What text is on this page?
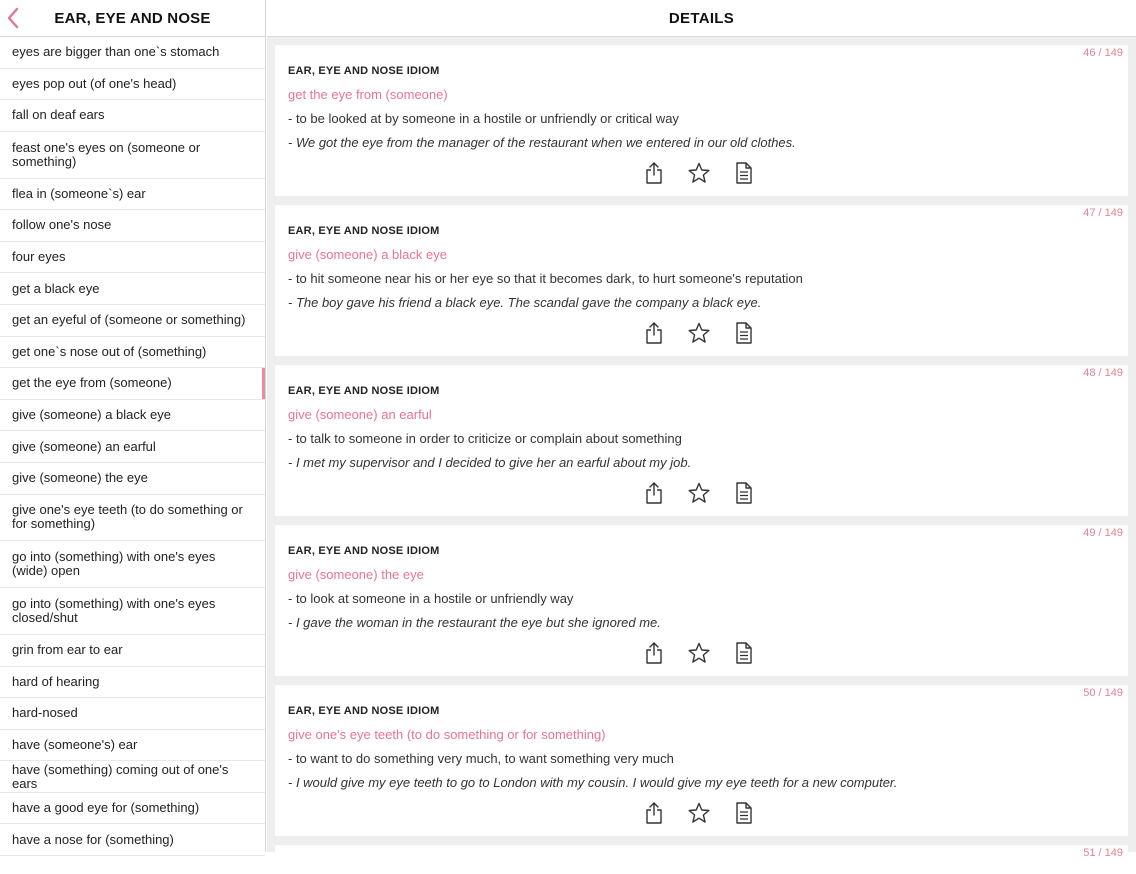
EAR, EYE AND NOSE
eyes are bigger than one`s stomach
eyes pop out (of one's head)
fall on deaf ears
feast one's eyes on (someone or something)
flea in (someone`s) ear
follow one's nose
four eyes
get a black eye
get an eyeful of (someone or something)
get one`s nose out of (something)
get the eye from (someone)
give (someone) a black eye
give (someone) an earful
give (someone) the eye
give one's eye teeth (to do something or for something)
go into (something) with one's eyes (wide) open
go into (something) with one's eyes closed/shut
grin from ear to ear
hard of hearing
hard-nosed
have (someone's) ear
have (something) coming out of one's ears
have a good eye for (something)
have a nose for (something)
DETAILS
46 / 149
EAR, EYE AND NOSE IDIOM
get the eye from (someone)
- to be looked at by someone in a hostile or unfriendly or critical way
- We got the eye from the manager of the restaurant when we entered in our old clothes.
47 / 149
EAR, EYE AND NOSE IDIOM
give (someone) a black eye
- to hit someone near his or her eye so that it becomes dark, to hurt someone's reputation
- The boy gave his friend a black eye. The scandal gave the company a black eye.
48 / 149
EAR, EYE AND NOSE IDIOM
give (someone) an earful
- to talk to someone in order to criticize or complain about something
- I met my supervisor and I decided to give her an earful about my job.
49 / 149
EAR, EYE AND NOSE IDIOM
give (someone) the eye
- to look at someone in a hostile or unfriendly way
- I gave the woman in the restaurant the eye but she ignored me.
50 / 149
EAR, EYE AND NOSE IDIOM
give one's eye teeth (to do something or for something)
- to want to do something very much, to want something very much
- I would give my eye teeth to go to London with my cousin. I would give my eye teeth for a new computer.
51 / 149
